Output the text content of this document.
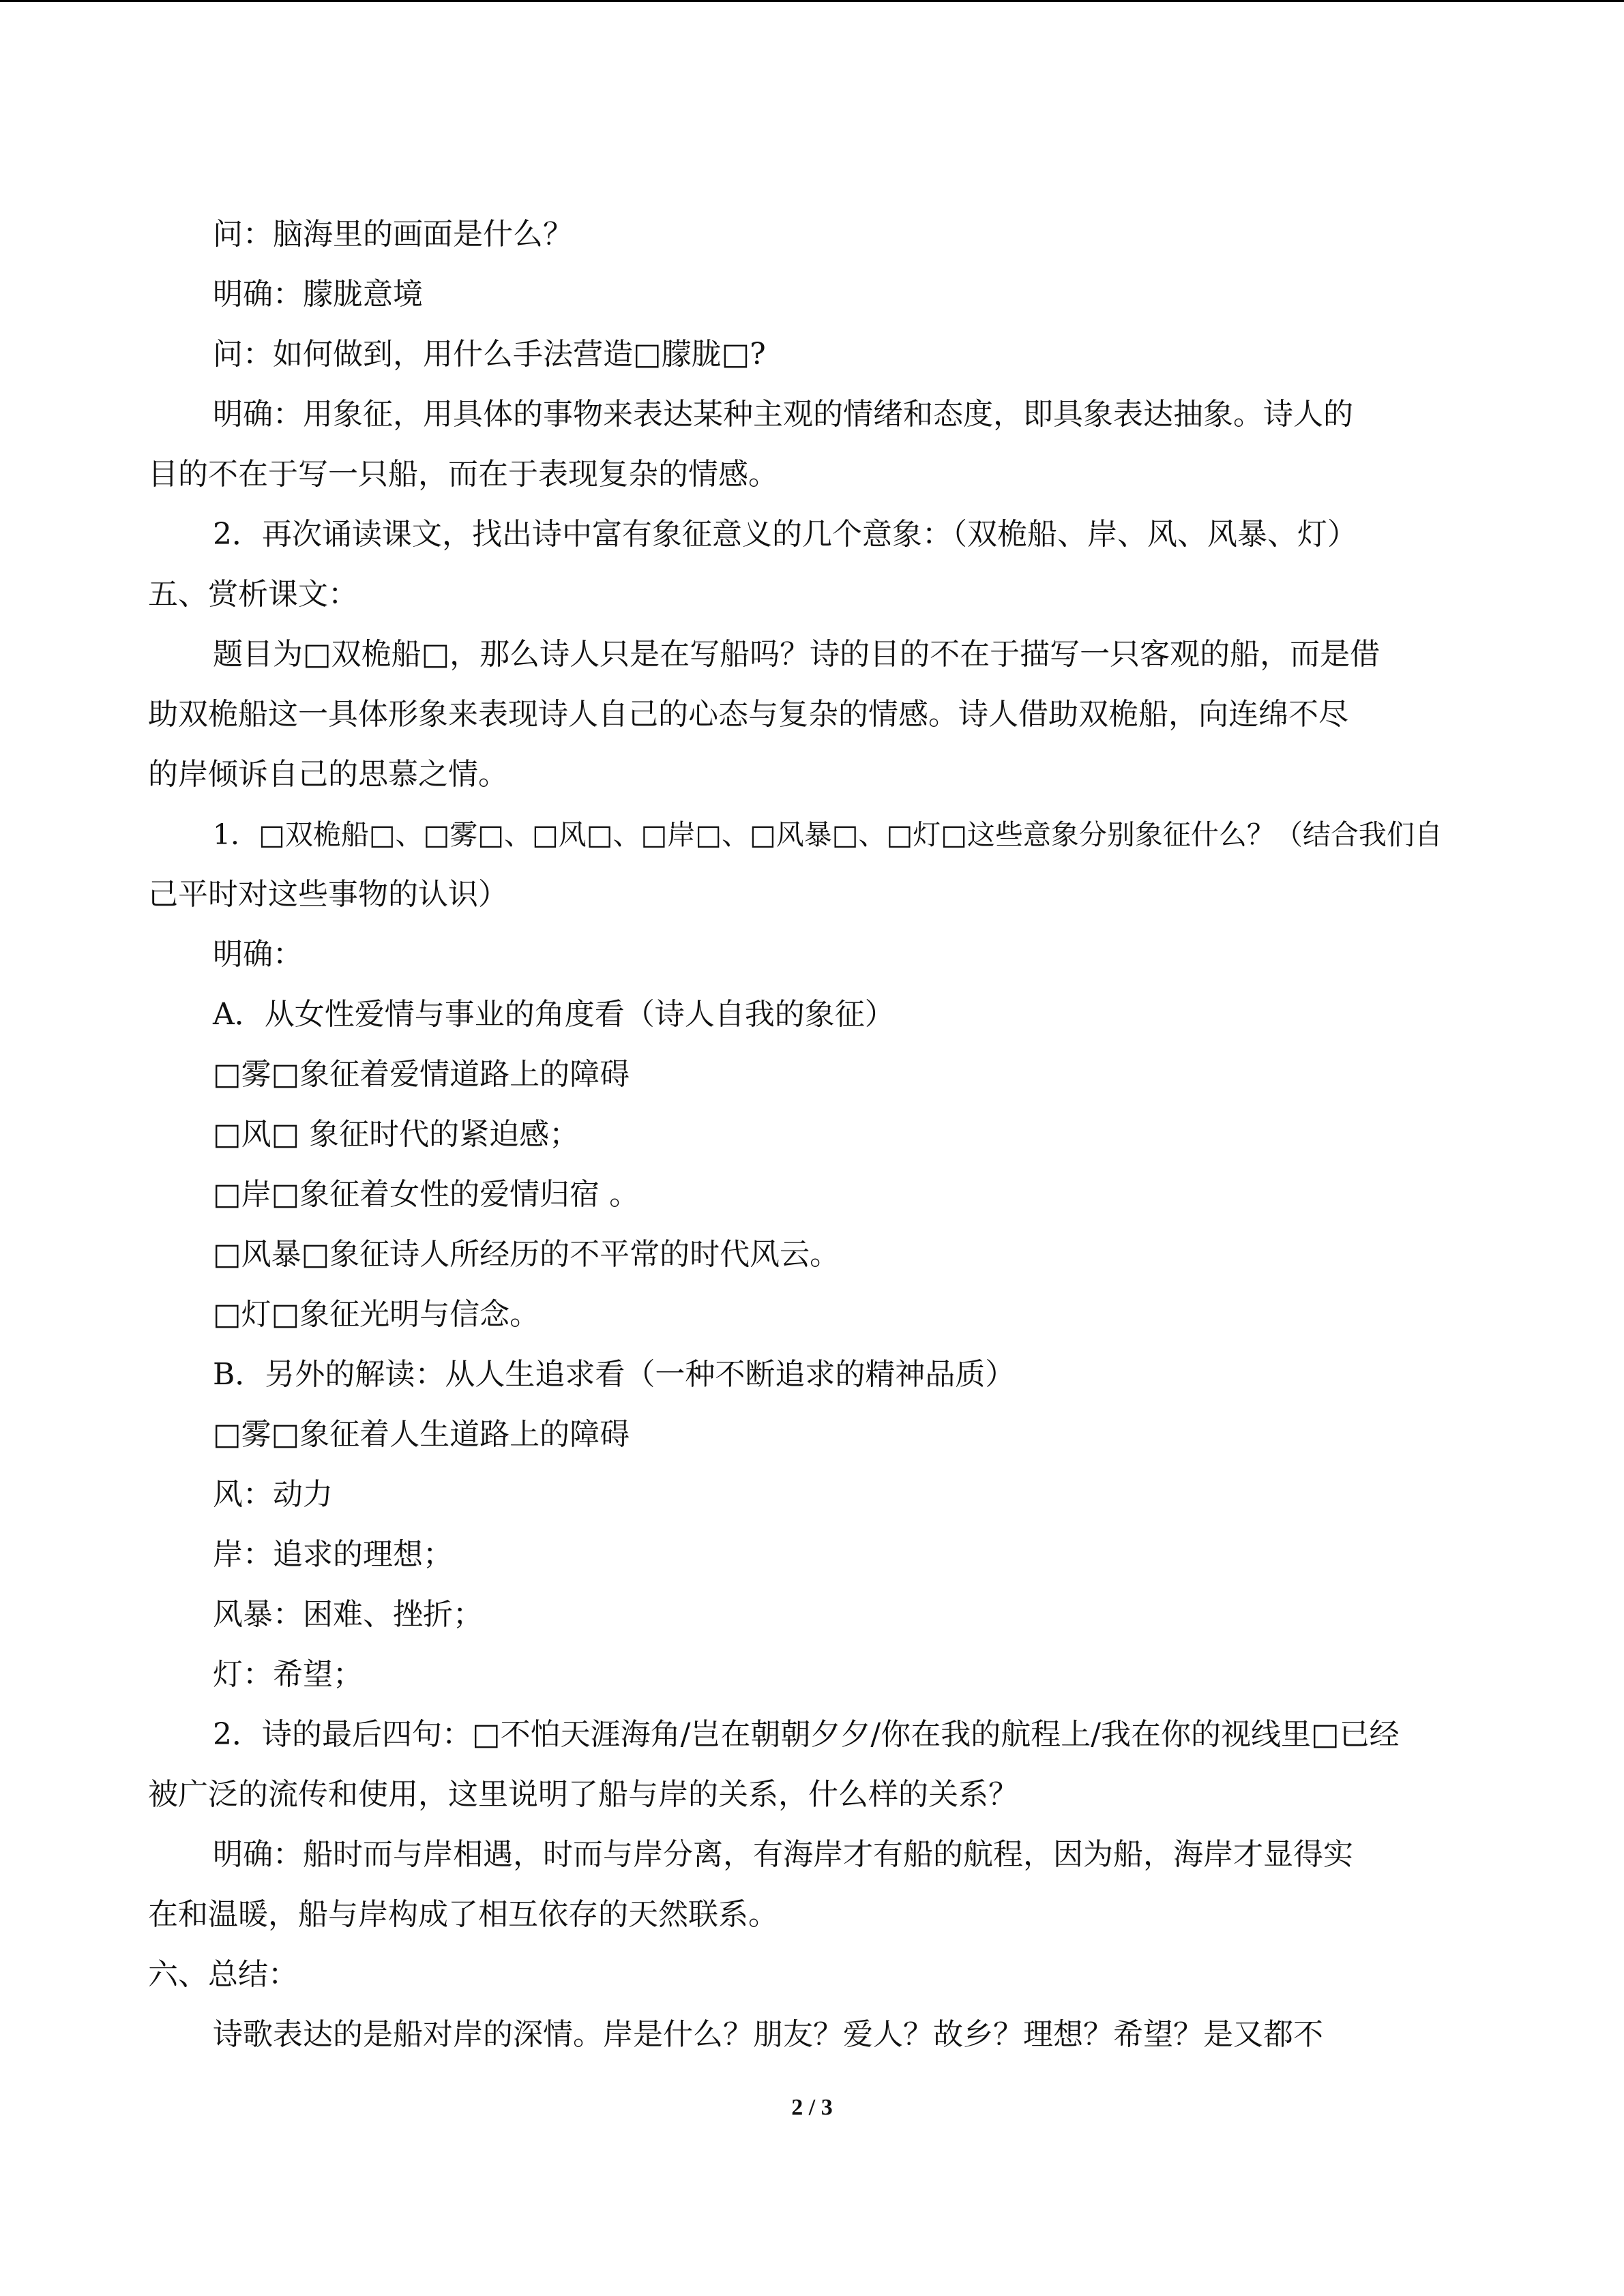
问：脑海里的画面是什么？

明确：朦胧意境

问：如何做到，用什么手法营造□朦胧□?

明确：用象征，用具体的事物来表达某种主观的情绪和态度，即具象表达抽象。诗人的

目的不在于写一只船，而在于表现复杂的情感。

2．再次诵读课文，找出诗中富有象征意义的几个意象：（双桅船、岸、风、风暴、灯）

五、赏析课文：

题目为□双桅船□，那么诗人只是在写船吗？诗的目的不在于描写一只客观的船，而是借

助双桅船这一具体形象来表现诗人自己的心态与复杂的情感。诗人借助双桅船，向连绵不尽

的岸倾诉自己的思慕之情。

1．□双桅船□、□雾□、□风□、□岸□、□风暴□、□灯□这些意象分别象征什么？（结合我们自

己平时对这些事物的认识）

明确：

A．从女性爱情与事业的角度看（诗人自我的象征）

□雾□象征着爱情道路上的障碍

□风□ 象征时代的紧迫感；

□岸□象征着女性的爱情归宿 。

□风暴□象征诗人所经历的不平常的时代风云。

□灯□象征光明与信念。

B．另外的解读：从人生追求看（一种不断追求的精神品质）

□雾□象征着人生道路上的障碍

风：动力

岸：追求的理想；

风暴：困难、挫折；

灯：希望；

2．诗的最后四句：□不怕天涯海角/岂在朝朝夕夕/你在我的航程上/我在你的视线里□已经

被广泛的流传和使用，这里说明了船与岸的关系，什么样的关系？

明确：船时而与岸相遇，时而与岸分离，有海岸才有船的航程，因为船，海岸才显得实

在和温暖，船与岸构成了相互依存的天然联系。

六、总结：

诗歌表达的是船对岸的深情。岸是什么？朋友？爱人？故乡？理想？希望？是又都不

2 / 3
